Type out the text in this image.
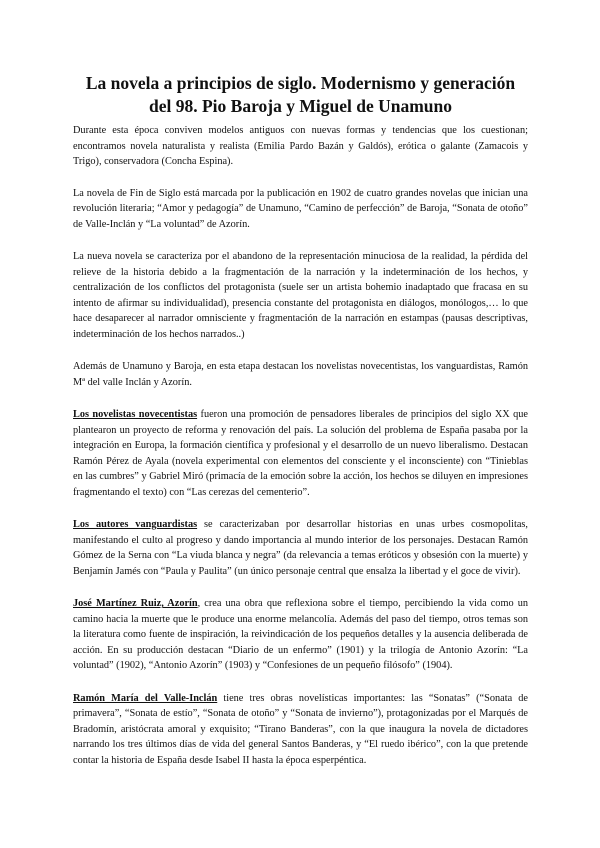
La novela a principios de siglo. Modernismo y generación
del 98. Pio Baroja y Miguel de Unamuno

Durante esta época conviven modelos antiguos con nuevas formas y tendencias que los cuestionan; encontramos novela naturalista y realista (Emilia Pardo Bazán y Galdós), erótica o galante (Zamacois y Trigo), conservadora (Concha Espina).

La novela de Fin de Siglo está marcada por la publicación en 1902 de cuatro grandes novelas que inician una revolución literaria; “Amor y pedagogía” de Unamuno, “Camino de perfección” de Baroja, “Sonata de otoño” de Valle-Inclán y “La voluntad” de Azorín.

La nueva novela se caracteriza por el abandono de la representación minuciosa de la realidad, la pérdida del relieve de la historia debido a la fragmentación de la narración y la indeterminación de los hechos, y centralización de los conflictos del protagonista (suele ser un artista bohemio inadaptado que fracasa en su intento de afirmar su individualidad), presencia constante del protagonista en diálogos, monólogos,… lo que hace desaparecer al narrador omnisciente y fragmentación de la narración en estampas (pausas descriptivas, indeterminación de los hechos narrados..)

Además de Unamuno y Baroja, en esta etapa destacan los novelistas novecentistas, los vanguardistas, Ramón Mª del valle Inclán y Azorín.

Los novelistas novecentistas fueron una promoción de pensadores liberales de principios del siglo XX que plantearon un proyecto de reforma y renovación del país. La solución del problema de España pasaba por la integración en Europa, la formación científica y profesional y el desarrollo de un nuevo liberalismo. Destacan Ramón Pérez de Ayala (novela experimental con elementos del consciente y el inconsciente) con “Tinieblas en las cumbres” y Gabriel Miró (primacía de la emoción sobre la acción, los hechos se diluyen en impresiones fragmentando el texto) con “Las cerezas del cementerio”.

Los autores vanguardistas se caracterizaban por desarrollar historias en unas urbes cosmopolitas, manifestando el culto al progreso y dando importancia al mundo interior de los personajes. Destacan Ramón Gómez de la Serna con “La viuda blanca y negra” (da relevancia a temas eróticos y obsesión con la muerte) y Benjamín Jamés con “Paula y Paulita” (un único personaje central que ensalza la libertad y el goce de vivir).

José Martínez Ruiz, Azorín, crea una obra que reflexiona sobre el tiempo, percibiendo la vida como un camino hacia la muerte que le produce una enorme melancolía. Además del paso del tiempo, otros temas son la literatura como fuente de inspiración, la reivindicación de los pequeños detalles y la ausencia deliberada de acción. En su producción destacan “Diario de un enfermo” (1901) y la trilogía de Antonio Azorín: “La voluntad” (1902), “Antonio Azorín” (1903) y “Confesiones de un pequeño filósofo” (1904).

Ramón María del Valle-Inclán tiene tres obras novelísticas importantes: las “Sonatas” (“Sonata de primavera”, “Sonata de estío”, “Sonata de otoño” y “Sonata de invierno”), protagonizadas por el Marqués de Bradomín, aristócrata amoral y exquisito; “Tirano Banderas”, con la que inaugura la novela de dictadores narrando los tres últimos días de vida del general Santos Banderas, y “El ruedo ibérico”, con la que pretende contar la historia de España desde Isabel II hasta la época esperpéntica.
